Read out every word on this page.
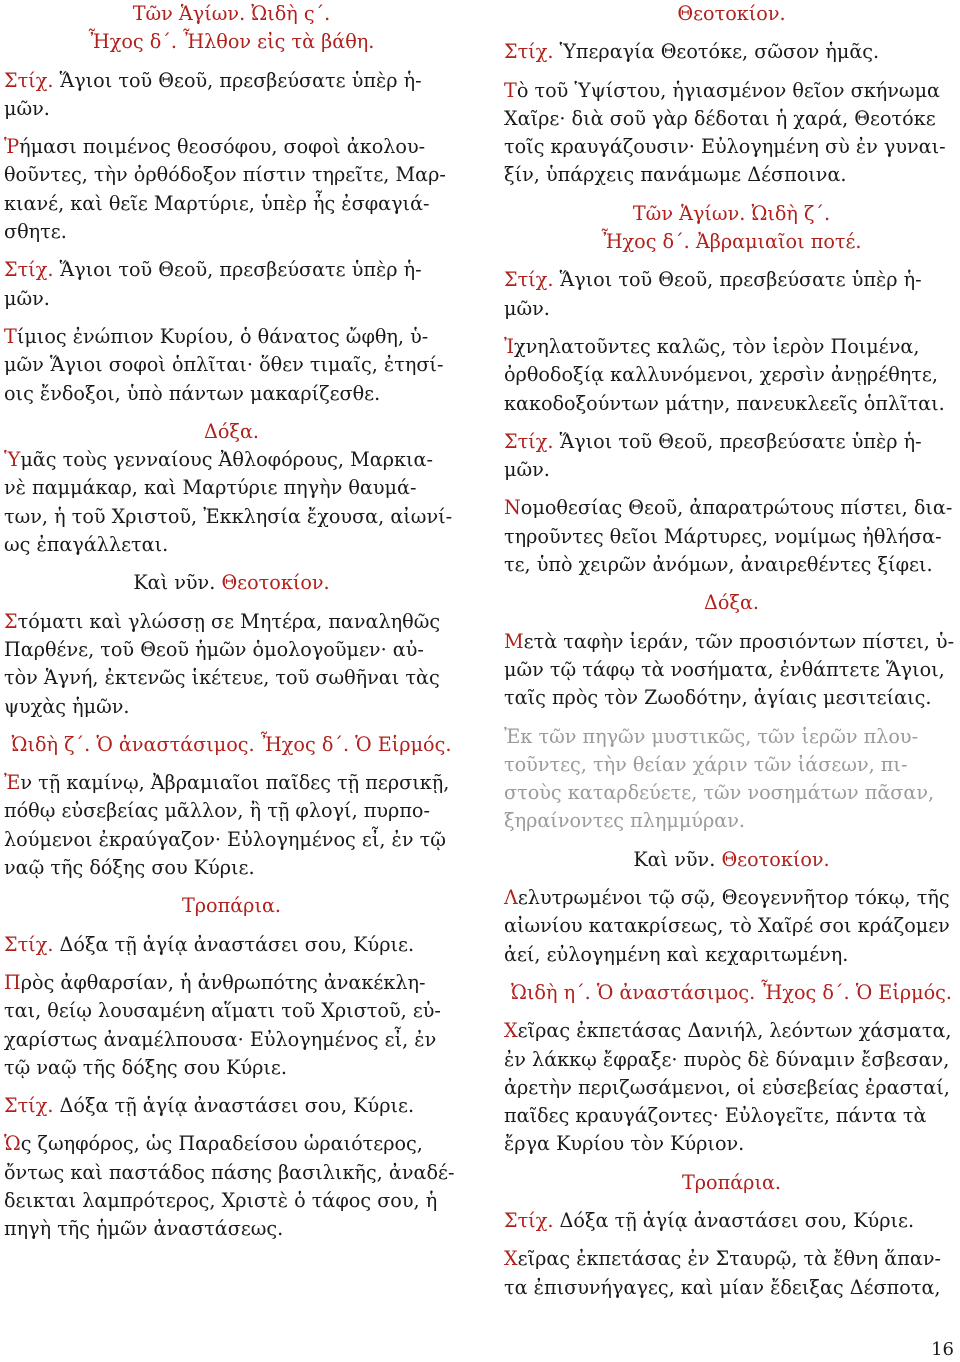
Τῶν Ἁγίων. Ὠιδὴ ς΄.
Ἦχος δ΄. Ἦλθον εἰς τὰ βάθη.

Στίχ. Ἅγιοι τοῦ Θεοῦ, πρεσβεύσατε ὑπὲρ ἡ-
μῶν.

Ῥήμασι ποιμένος θεοσόφου, σοφοὶ ἀκολου-
θοῦντες, τὴν ὀρθόδοξον πίστιν τηρεῖτε, Μαρ-
κιανέ, καὶ θεῖε Μαρτύριε, ὑπὲρ ἧς ἐσφαγιά-
σθητε.

Στίχ. Ἅγιοι τοῦ Θεοῦ, πρεσβεύσατε ὑπὲρ ἡ-
μῶν.

Τίμιος ἐνώπιον Κυρίου, ὁ θάνατος ὤφθη, ὑ-
μῶν Ἅγιοι σοφοὶ ὁπλῖται· ὅθεν τιμαῖς, ἐτησί-
οις ἔνδοξοι, ὑπὸ πάντων μακαρίζεσθε.

Δόξα.

Ὑμᾶς τοὺς γενναίους Ἀθλοφόρους, Μαρκια-
νὲ παμμάκαρ, καὶ Μαρτύριε πηγὴν θαυμά-
των, ἡ τοῦ Χριστοῦ, Ἐκκλησία ἔχουσα, αἰωνί-
ως ἐπαγάλλεται.

Καὶ νῦν. Θεοτοκίον.

Στόματι καὶ γλώσσῃ σε Μητέρα, παναληθῶς
Παρθένε, τοῦ Θεοῦ ἡμῶν ὁμολογοῦμεν· αὐ-
τὸν Ἁγνή, ἐκτενῶς ἱκέτευε, τοῦ σωθῆναι τὰς
ψυχὰς ἡμῶν.

Ὠιδὴ ζ΄. Ὁ ἀναστάσιμος. Ἦχος δ΄. Ὁ Εἱρμός.

Ἐν τῇ καμίνῳ, Ἀβραμιαῖοι παῖδες τῇ περσικῇ,
πόθῳ εὐσεβείας μᾶλλον, ἢ τῇ φλογί, πυρπο-
λούμενοι ἐκραύγαζον· Εὐλογημένος εἶ, ἐν τῷ
ναῷ τῆς δόξης σου Κύριε.

Τροπάρια.

Στίχ. Δόξα τῇ ἁγίᾳ ἀναστάσει σου, Κύριε.

Πρὸς ἀφθαρσίαν, ἡ ἀνθρωπότης ἀνακέκλη-
ται, θείῳ λουσαμένη αἵματι τοῦ Χριστοῦ, εὐ-
χαρίστως ἀναμέλπουσα· Εὐλογημένος εἶ, ἐν
τῷ ναῷ τῆς δόξης σου Κύριε.

Στίχ. Δόξα τῇ ἁγίᾳ ἀναστάσει σου, Κύριε.

Ὡς ζωηφόρος, ὡς Παραδείσου ὡραιότερος,
ὄντως καὶ παστάδος πάσης βασιλικῆς, ἀναδέ-
δεικται λαμπρότερος, Χριστὲ ὁ τάφος σου, ἡ
πηγὴ τῆς ἡμῶν ἀναστάσεως.

Θεοτοκίον.

Στίχ. Ὑπεραγία Θεοτόκε, σῶσον ἡμᾶς.

Τὸ τοῦ Ὑψίστου, ἡγιασμένον θεῖον σκήνωμα
Χαῖρε· διὰ σοῦ γὰρ δέδοται ἡ χαρά, Θεοτόκε
τοῖς κραυγάζουσιν· Εὐλογημένη σὺ ἐν γυναι-
ξίν, ὑπάρχεις πανάμωμε Δέσποινα.

Τῶν Ἁγίων. Ὠιδὴ ζ΄.
Ἦχος δ΄. Ἀβραμιαῖοι ποτέ.

Στίχ. Ἅγιοι τοῦ Θεοῦ, πρεσβεύσατε ὑπὲρ ἡ-
μῶν.

Ἰχνηλατοῦντες καλῶς, τὸν ἱερὸν Ποιμένα,
ὀρθοδοξίᾳ καλλυνόμενοι, χερσὶν ἀνῃρέθητε,
κακοδοξούντων μάτην, πανευκλεεῖς ὁπλῖται.

Στίχ. Ἅγιοι τοῦ Θεοῦ, πρεσβεύσατε ὑπὲρ ἡ-
μῶν.

Νομοθεσίας Θεοῦ, ἀπαρατρώτους πίστει, δια-
τηροῦντες θεῖοι Μάρτυρες, νομίμως ἠθλήσα-
τε, ὑπὸ χειρῶν ἀνόμων, ἀναιρεθέντες ξίφει.

Δόξα.

Μετὰ ταφὴν ἱεράν, τῶν προσιόντων πίστει, ὑ-
μῶν τῷ τάφῳ τὰ νοσήματα, ἐνθάπτετε Ἅγιοι,
ταῖς πρὸς τὸν Ζωοδότην, ἁγίαις μεσιτείαις.

Ἐκ τῶν πηγῶν μυστικῶς, τῶν ἱερῶν πλου-
τοῦντες, τὴν θείαν χάριν τῶν ἰάσεων, πι-
στοὺς καταρδεύετε, τῶν νοσημάτων πᾶσαν,
ξηραίνοντες πλημμύραν.

Καὶ νῦν. Θεοτοκίον.

Λελυτρωμένοι τῷ σῷ, Θεογεννῆτορ τόκῳ, τῆς
αἰωνίου κατακρίσεως, τὸ Χαῖρέ σοι κράζομεν
ἀεί, εὐλογημένη καὶ κεχαριτωμένη.

Ὠιδὴ η΄. Ὁ ἀναστάσιμος. Ἦχος δ΄. Ὁ Εἱρμός.

Χεῖρας ἐκπετάσας Δανιήλ, λεόντων χάσματα,
ἐν λάκκῳ ἔφραξε· πυρὸς δὲ δύναμιν ἔσβεσαν,
ἀρετὴν περιζωσάμενοι, οἱ εὐσεβείας ἐρασταί,
παῖδες κραυγάζοντες· Εὐλογεῖτε, πάντα τὰ
ἔργα Κυρίου τὸν Κύριον.

Τροπάρια.

Στίχ. Δόξα τῇ ἁγίᾳ ἀναστάσει σου, Κύριε.

Χεῖρας ἐκπετάσας ἐν Σταυρῷ, τὰ ἔθνη ἅπαν-
τα ἐπισυνήγαγες, καὶ μίαν ἔδειξας Δέσποτα,

16
